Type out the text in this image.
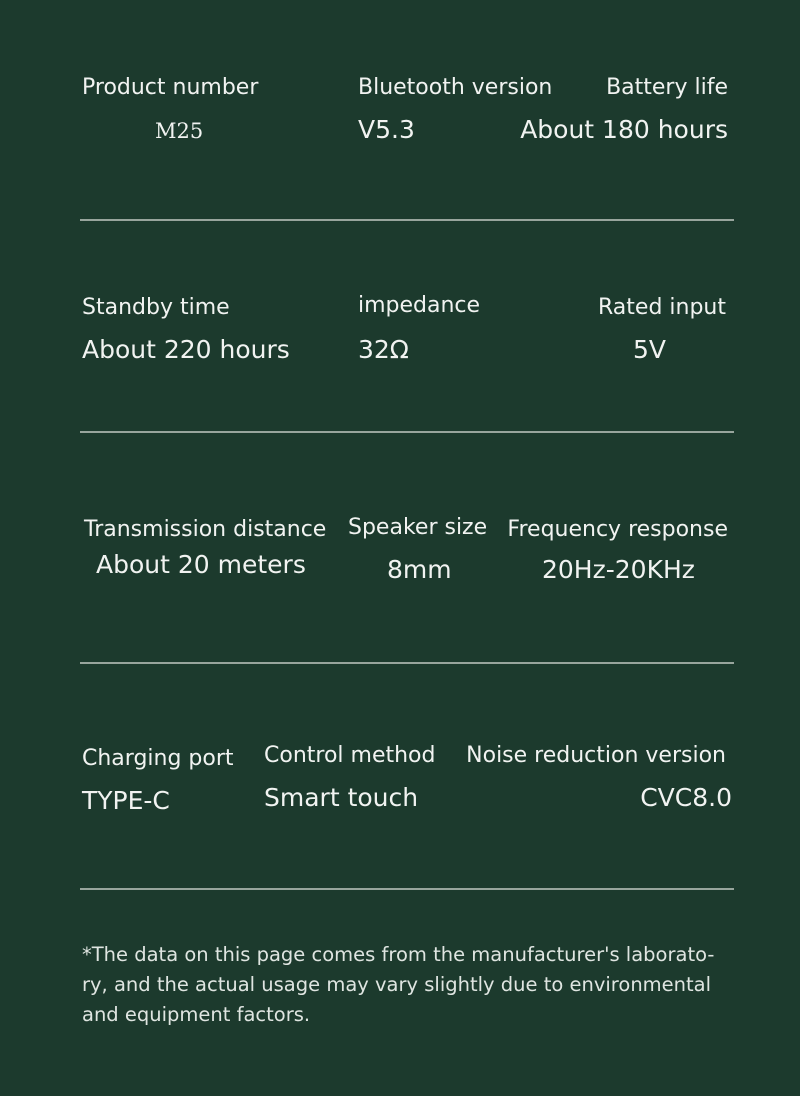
Product number
M25
Bluetooth version
V5.3
Battery life
About 180 hours
Standby time
About 220 hours
impedance
32Ω
Rated input
5V
Transmission distance
About 20 meters
Speaker size
8mm
Frequency response
20Hz-20KHz
Charging port
TYPE-C
Control method
Smart touch
Noise reduction version
CVC8.0
*The data on this page comes from the manufacturer's laborato-
ry, and the actual usage may vary slightly due to environmental
and equipment factors.
